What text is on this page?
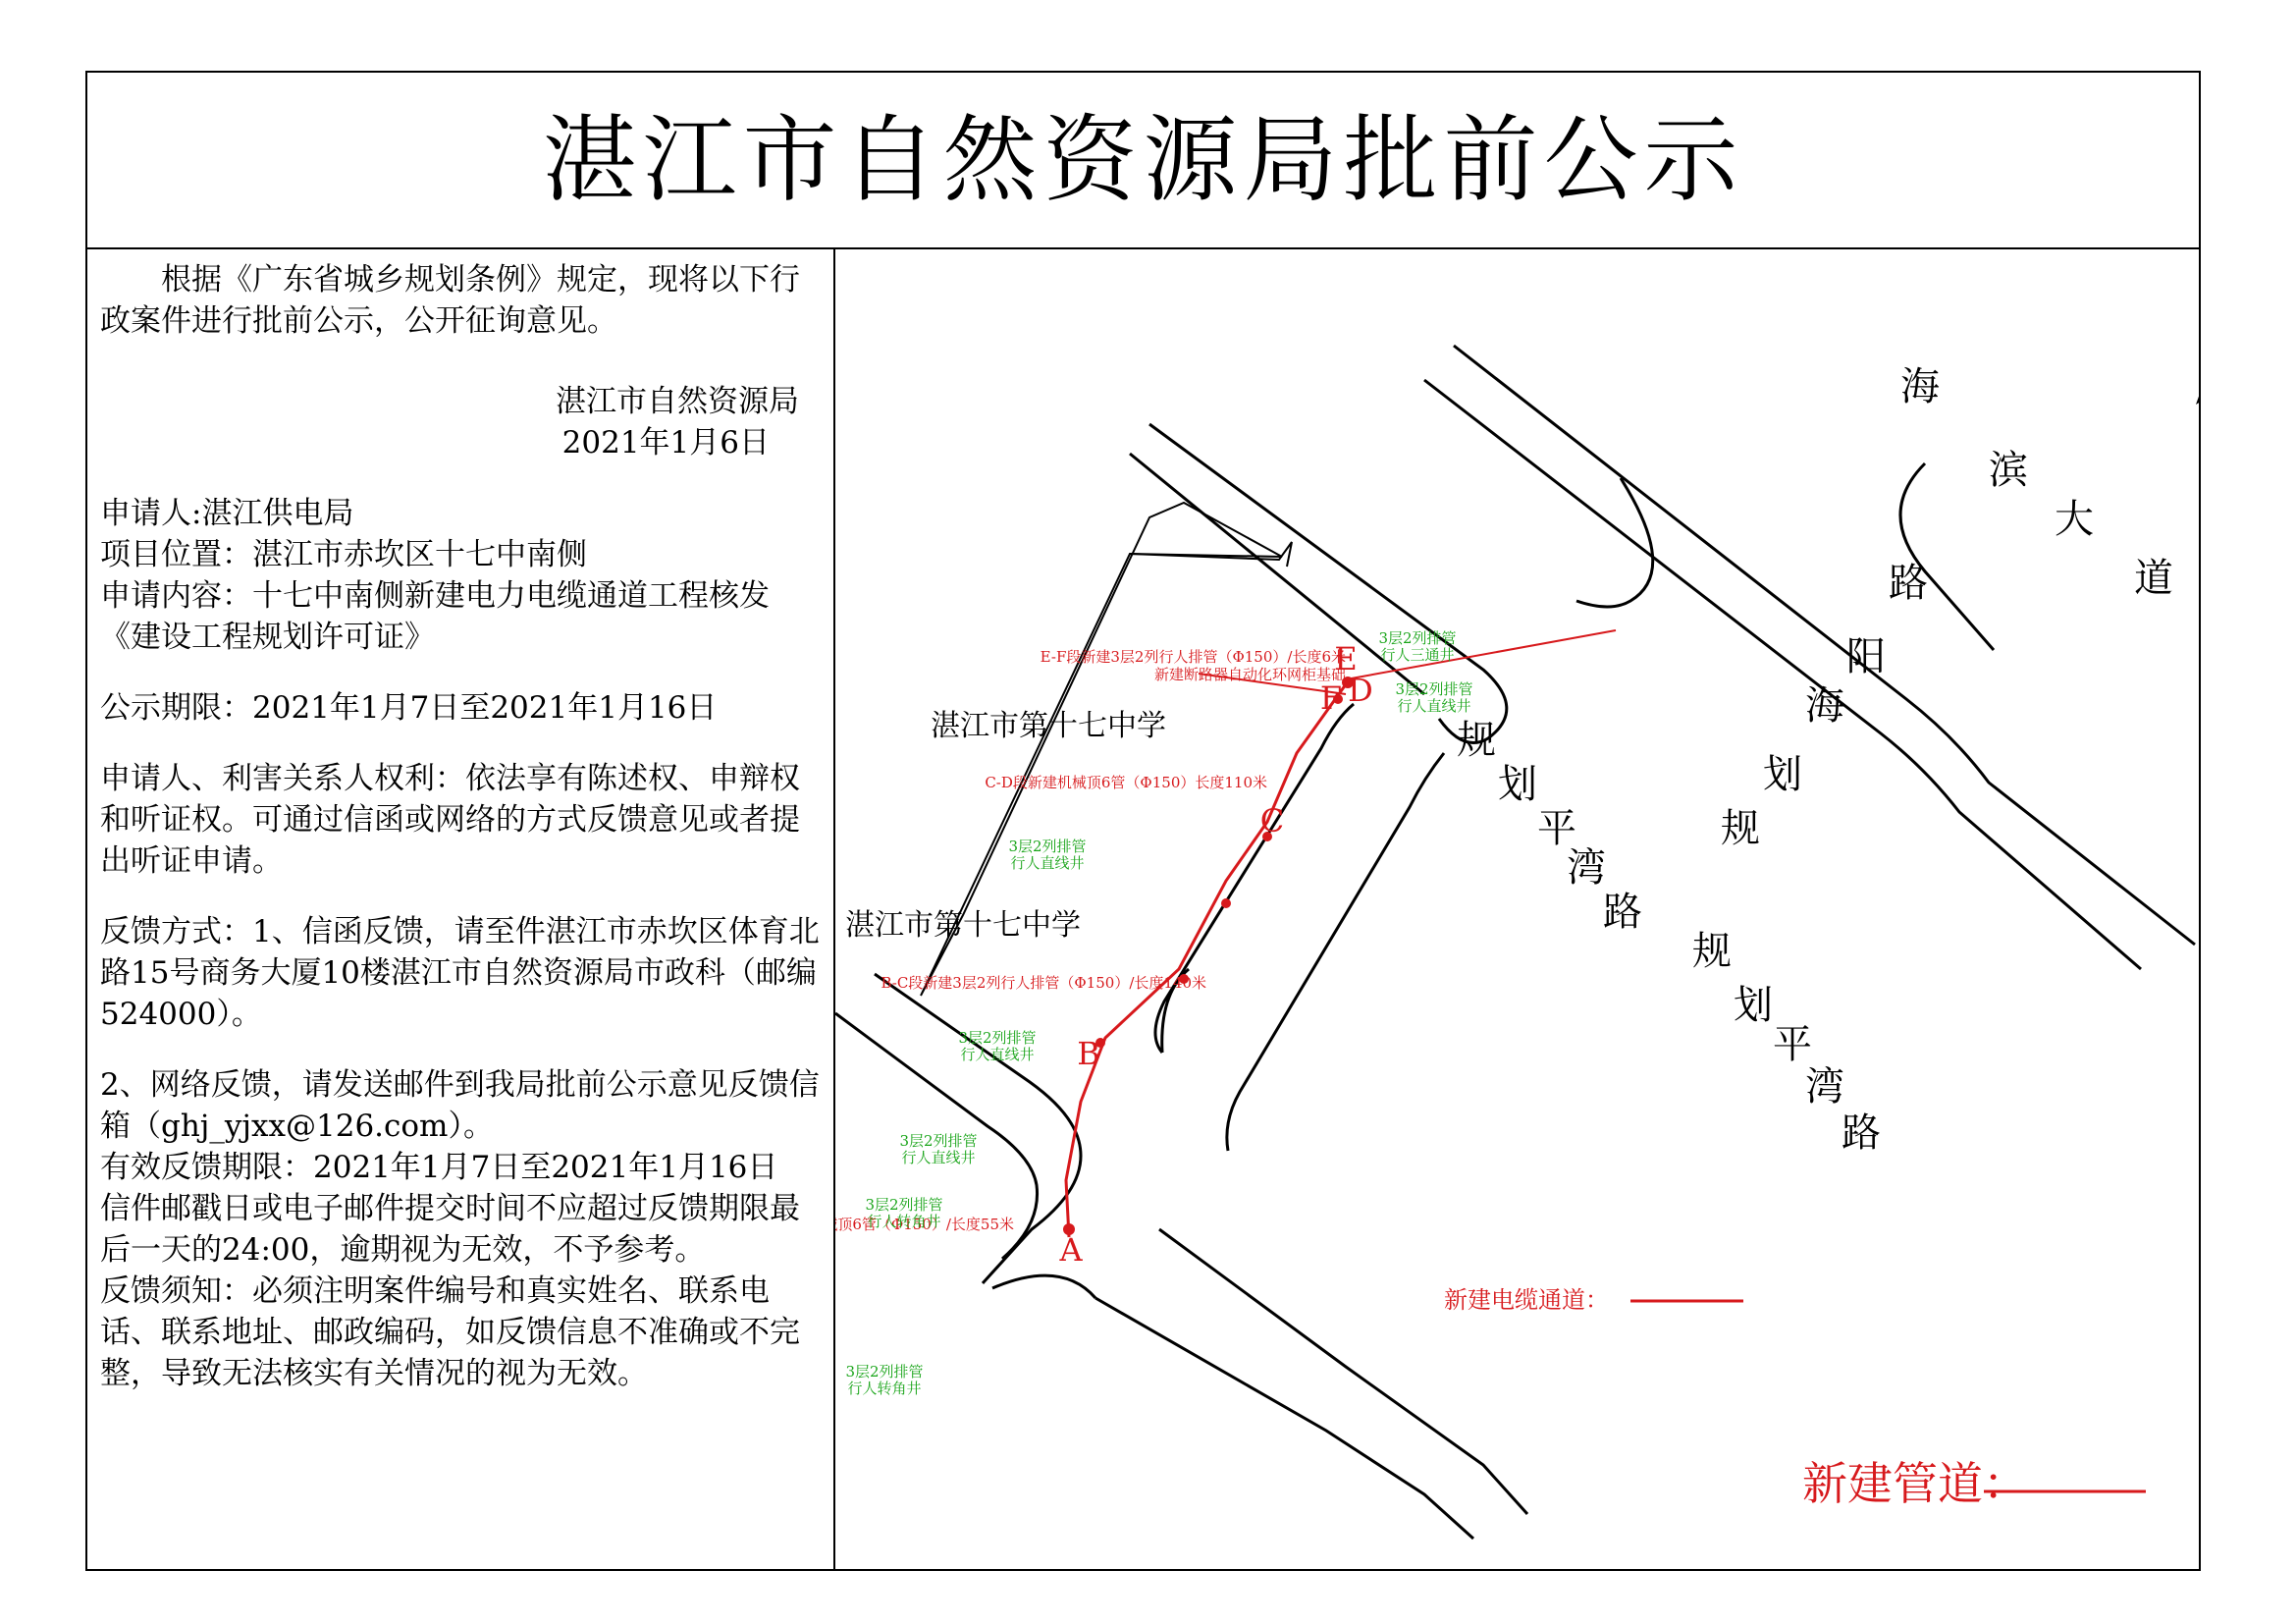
湛江市自然资源局批前公示

根据《广东省城乡规划条例》规定，现将以下行政案件进行批前公示，公开征询意见。

湛江市自然资源局

2021年1月6日

申请人:湛江供电局

项目位置：湛江市赤坎区十七中南侧

申请内容：十七中南侧新建电力电缆通道工程核发《建设工程规划许可证》

公示期限：2021年1月7日至2021年1月16日

申请人、利害关系人权利：依法享有陈述权、申辩权和听证权。可通过信函或网络的方式反馈意见或者提出听证申请。

反馈方式：1、信函反馈，请至件湛江市赤坎区体育北路15号商务大厦10楼湛江市自然资源局市政科（邮编524000）。

2、网络反馈，请发送邮件到我局批前公示意见反馈信箱（ghj_yjxx@126.com）。

有效反馈期限：2021年1月7日至2021年1月16日

信件邮戳日或电子邮件提交时间不应超过反馈期限最后一天的24:00，逾期视为无效，不予参考。

反馈须知：必须注明案件编号和真实姓名、联系电话、联系地址、邮政编码，如反馈信息不准确或不完整，导致无法核实有关情况的视为无效。

海
滨
大
道
路
阳
海
划
规
规
划
平
湾
路
规
划
平
湾
路
湛江市第十七中学
湛江市第十七中学
E
D
F
C
B
A
E-F段新建3层2列行人排管（Φ150）/长度6米
新建断路器自动化环网柜基础
C-D段新建机械顶6管（Φ150）长度110米
B-C段新建3层2列行人排管（Φ150）/长度140米
顶6管（Φ150）/长度55米
3层2列排管
行人三通井
3层2列排管
行人直线井
3层2列排管
行人直线井
3层2列排管
行人直线井
3层2列排管
行人直线井
3层2列排管
行人转角井
3层2列排管
行人转角井
新建电缆通道：
新建管道：
